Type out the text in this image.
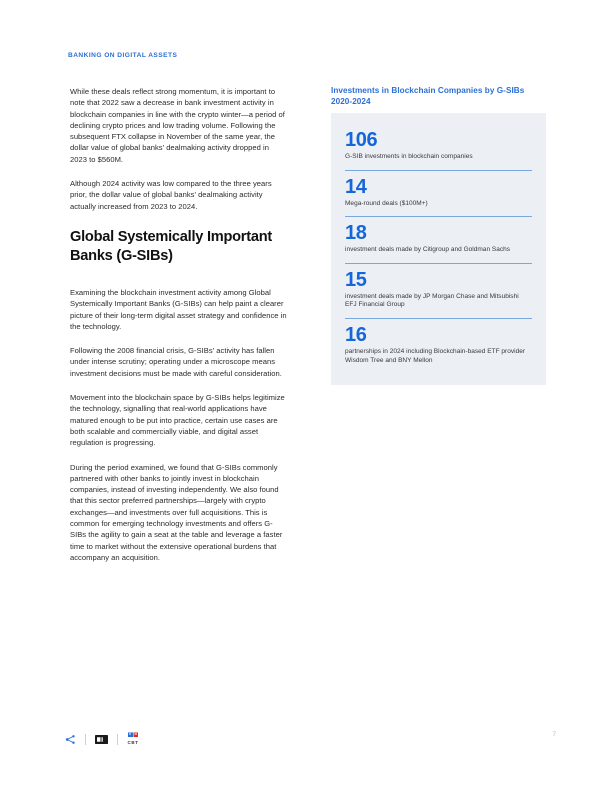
BANKING ON DIGITAL ASSETS

While these deals reflect strong momentum, it is important to note that 2022 saw a decrease in bank investment activity in blockchain companies in line with the crypto winter—a period of declining crypto prices and low trading volume. Following the subsequent FTX collapse in November of the same year, the dollar value of global banks' dealmaking activity dropped in 2023 to $560M.

Although 2024 activity was low compared to the three years prior, the dollar value of global banks' dealmaking activity actually increased from 2023 to 2024.

Global Systemically Important Banks (G-SIBs)

Examining the blockchain investment activity among Global Systemically Important Banks (G-SIBs) can help paint a clearer picture of their long-term digital asset strategy and confidence in the technology.

Following the 2008 financial crisis, G-SIBs' activity has fallen under intense scrutiny; operating under a microscope means investment decisions must be made with careful consideration.

Movement into the blockchain space by G-SIBs helps legitimize the technology, signalling that real-world applications have matured enough to be put into practice, certain use cases are both scalable and commercially viable, and digital asset regulation is progressing.

During the period examined, we found that G-SIBs commonly partnered with other banks to jointly invest in blockchain companies, instead of investing independently. We also found that this sector preferred partnerships—largely with crypto exchanges—and investments over full acquisitions. This is common for emerging technology investments and offers G-SIBs the agility to gain a seat at the table and leverage a faster time to market without the extensive operational burdens that accompany an acquisition.

Investments in Blockchain Companies by G-SIBs 2020-2024
106
G-SIB investments in blockchain companies
14
Mega-round deals ($100M+)
18
investment deals made by Citigroup and Goldman Sachs
15
investment deals made by JP Morgan Chase and Mitsubishi EFJ Financial Group
16
partnerships in 2024 including Blockchain-based ETF provider Wisdom Tree and BNY Mellon
CBT
7
